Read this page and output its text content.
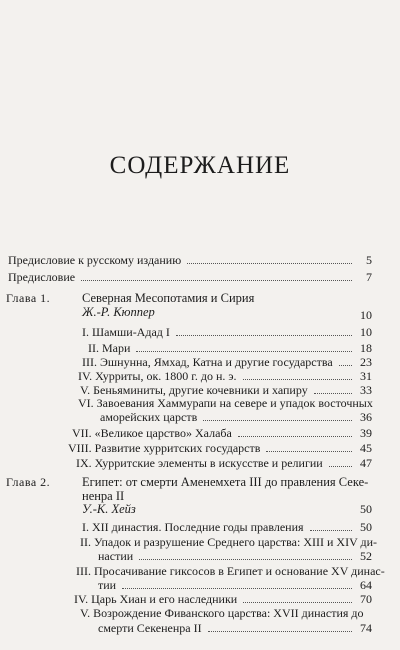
СОДЕРЖАНИЕ
Предисловие к русскому изданию	5
Предисловие	7
Глава 1.	Северная Месопотамия и Сирия
Ж.-Р. Кюппер	10
I. Шамши-Адад I	10
II. Мари	18
III. Эшнунна, Ямхад, Катна и другие государства 23
IV. Хурриты, ок. 1800 г. до н. э.	31
V. Беньяминиты, другие кочевники и хапиру	33
VI. Завоевания Хаммурапи на севере и упадок восточных
аморейских царств	36
VII. «Великое царство» Халаба	39
VIII. Развитие хурритских государств	45
IX. Хурритские элементы в искусстве и религии	47
Глава 2.	Египет: от смерти Аменемхета III до правления Секе-
ненра II
У.-К. Хейз	50
I. XII династия. Последние годы правления	50
II. Упадок и разрушение Среднего царства: XIII и XIV ди-
настии	52
III. Просачивание гиксосов в Египет и основание XV динас-
тии	64
IV. Царь Хиан и его наследники	70
V. Возрождение Фиванского царства: XVII династия до
смерти Секененра II	74
